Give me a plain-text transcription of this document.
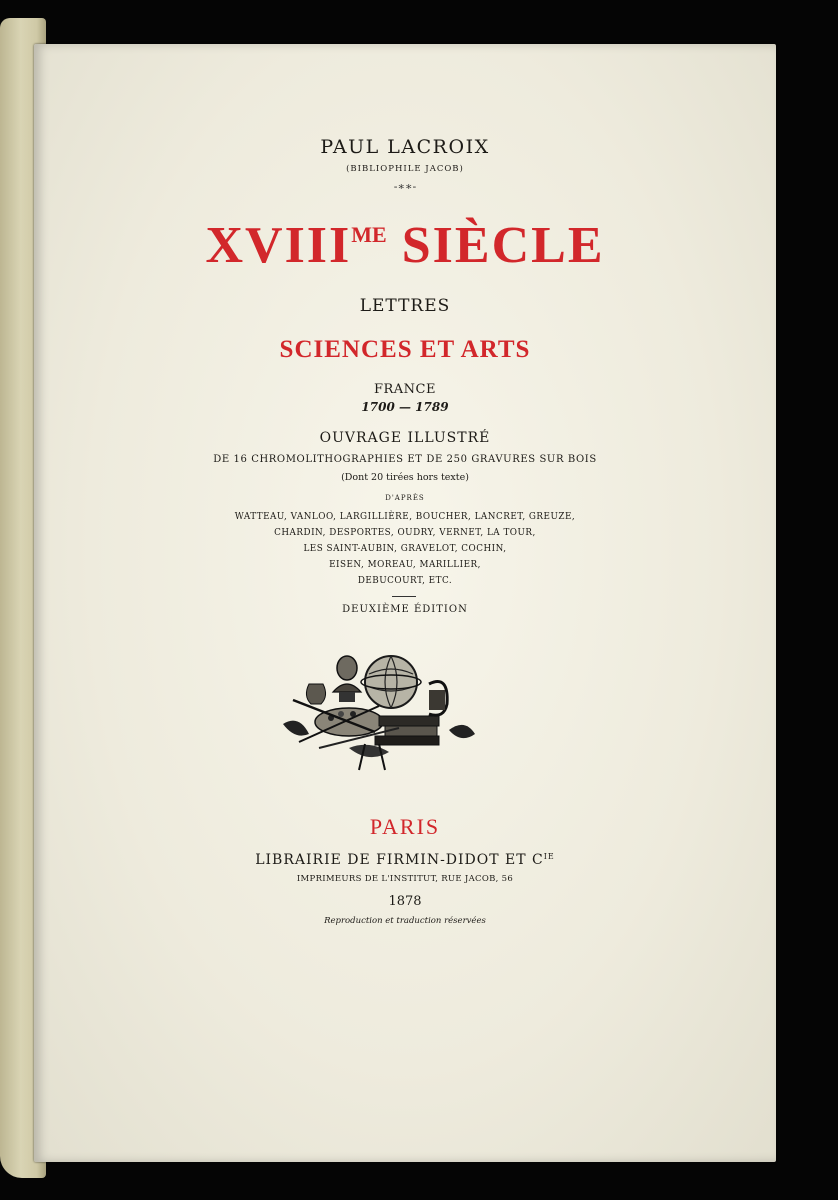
PAUL LACROIX
(BIBLIOPHILE JACOB)
-∗∗-
$XVIII^{ME}$ SIÈCLE
LETTRES
SCIENCES ET ARTS
FRANCE
1700 — 1789
OUVRAGE ILLUSTRÉ
DE 16 CHROMOLITHOGRAPHIES ET DE 250 GRAVURES SUR BOIS
(Dont 20 tirées hors texte)
D'APRÈS
WATTEAU, VANLOO, LARGILLIÈRE, BOUCHER, LANCRET, GREUZE,
CHARDIN, DESPORTES, OUDRY, VERNET, LA TOUR,
LES SAINT-AUBIN, GRAVELOT, COCHIN,
EISEN, MOREAU, MARILLIER,
DEBUCOURT, ETC.
DEUXIÈME ÉDITION
PARIS
LIBRAIRIE DE FIRMIN-DIDOT ET $C^{IE}$
IMPRIMEURS DE L'INSTITUT, RUE JACOB, 56
1878
Reproduction et traduction réservées
